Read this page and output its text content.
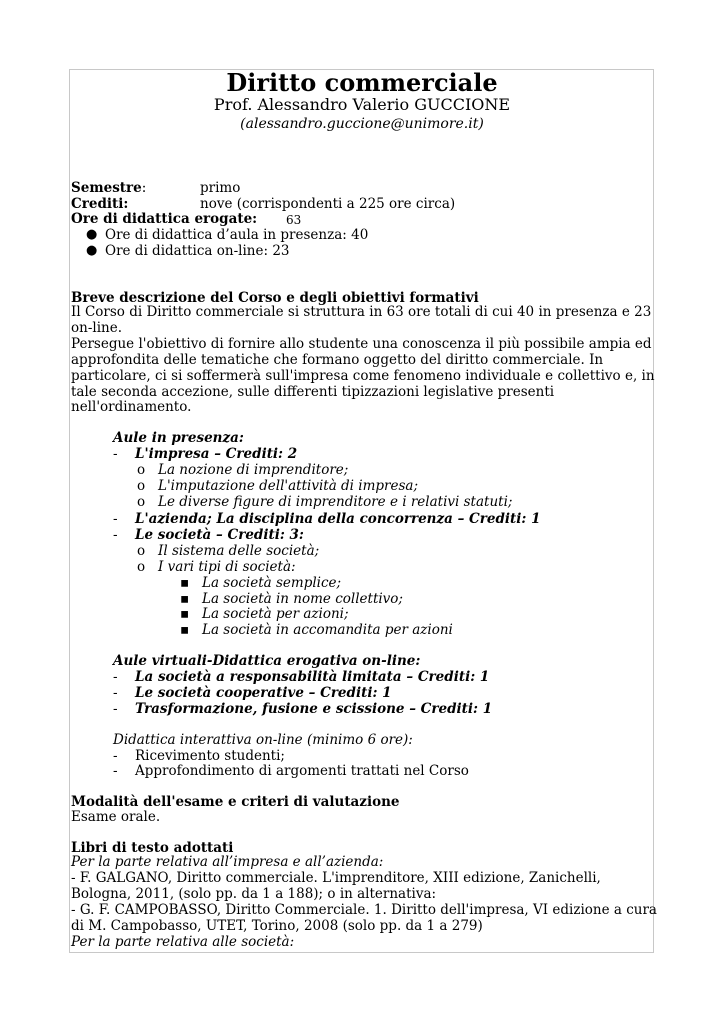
Diritto commerciale
Prof. Alessandro Valerio GUCCIONE
(alessandro.guccione@unimore.it)
Semestre:	primo
Crediti:	nove (corrispondenti a 225 ore circa)
Ore di didattica erogate: 63
● Ore di didattica d’aula in presenza: 40
● Ore di didattica on-line: 23
Breve descrizione del Corso e degli obiettivi formativi
Il Corso di Diritto commerciale si struttura in 63 ore totali di cui 40 in presenza e 23
on-line.
Persegue l'obiettivo di fornire allo studente una conoscenza il più possibile ampia ed
approfondita delle tematiche che formano oggetto del diritto commerciale. In
particolare, ci si soffermerà sull'impresa come fenomeno individuale e collettivo e, in
tale seconda accezione, sulle differenti tipizzazioni legislative presenti
nell'ordinamento.
Aule in presenza:
- L'impresa – Crediti: 2
o La nozione di imprenditore;
o L'imputazione dell'attività di impresa;
o Le diverse figure di imprenditore e i relativi statuti;
- L'azienda; La disciplina della concorrenza – Crediti: 1
- Le società – Crediti: 3:
o Il sistema delle società;
o I vari tipi di società:
▪ La società semplice;
▪ La società in nome collettivo;
▪ La società per azioni;
▪ La società in accomandita per azioni
Aule virtuali-Didattica erogativa on-line:
- La società a responsabilità limitata – Crediti: 1
- Le società cooperative – Crediti: 1
- Trasformazione, fusione e scissione – Crediti: 1
Didattica interattiva on-line (minimo 6 ore):
- Ricevimento studenti;
- Approfondimento di argomenti trattati nel Corso
Modalità dell'esame e criteri di valutazione
Esame orale.
Libri di testo adottati
Per la parte relativa all’impresa e all’azienda:
- F. GALGANO, Diritto commerciale. L'imprenditore, XIII edizione, Zanichelli,
Bologna, 2011, (solo pp. da 1 a 188); o in alternativa:
- G. F. CAMPOBASSO, Diritto Commerciale. 1. Diritto dell'impresa, VI edizione a cura
di M. Campobasso, UTET, Torino, 2008 (solo pp. da 1 a 279)
Per la parte relativa alle società:
